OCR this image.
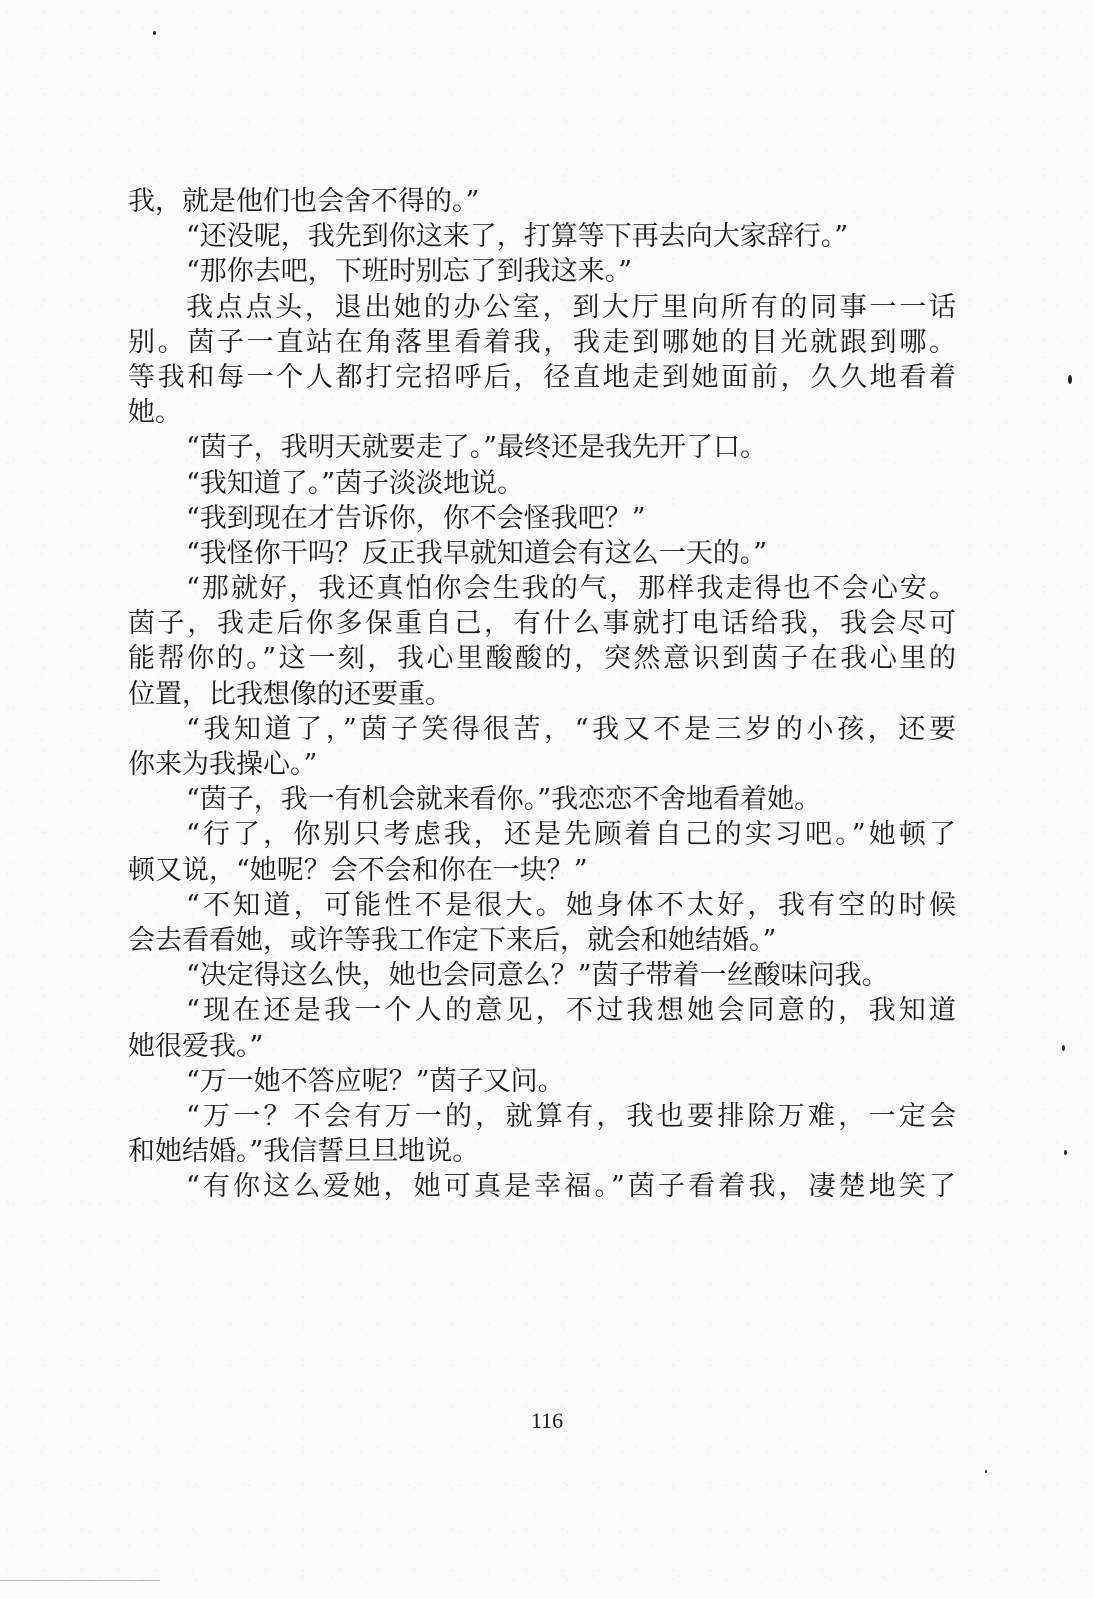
我，就是他们也会舍不得的。”
“还没呢，我先到你这来了，打算等下再去向大家辞行。”
“那你去吧，下班时别忘了到我这来。”
我点点头，退出她的办公室，到大厅里向所有的同事一一话
别。茵子一直站在角落里看着我，我走到哪她的目光就跟到哪。
等我和每一个人都打完招呼后，径直地走到她面前，久久地看着
她。
“茵子，我明天就要走了。”最终还是我先开了口。
“我知道了。”茵子淡淡地说。
“我到现在才告诉你，你不会怪我吧？”
“我怪你干吗？反正我早就知道会有这么一天的。”
“那就好，我还真怕你会生我的气，那样我走得也不会心安。
茵子，我走后你多保重自己，有什么事就打电话给我，我会尽可
能帮你的。”这一刻，我心里酸酸的，突然意识到茵子在我心里的
位置，比我想像的还要重。
“我知道了，”茵子笑得很苦，“我又不是三岁的小孩，还要
你来为我操心。”
“茵子，我一有机会就来看你。”我恋恋不舍地看着她。
“行了，你别只考虑我，还是先顾着自己的实习吧。”她顿了
顿又说，“她呢？会不会和你在一块？”
“不知道，可能性不是很大。她身体不太好，我有空的时候
会去看看她，或许等我工作定下来后，就会和她结婚。”
“决定得这么快，她也会同意么？”茵子带着一丝酸味问我。
“现在还是我一个人的意见，不过我想她会同意的，我知道
她很爱我。”
“万一她不答应呢？”茵子又问。
“万一？不会有万一的，就算有，我也要排除万难，一定会
和她结婚。”我信誓旦旦地说。
“有你这么爱她，她可真是幸福。”茵子看着我，凄楚地笑了
116
